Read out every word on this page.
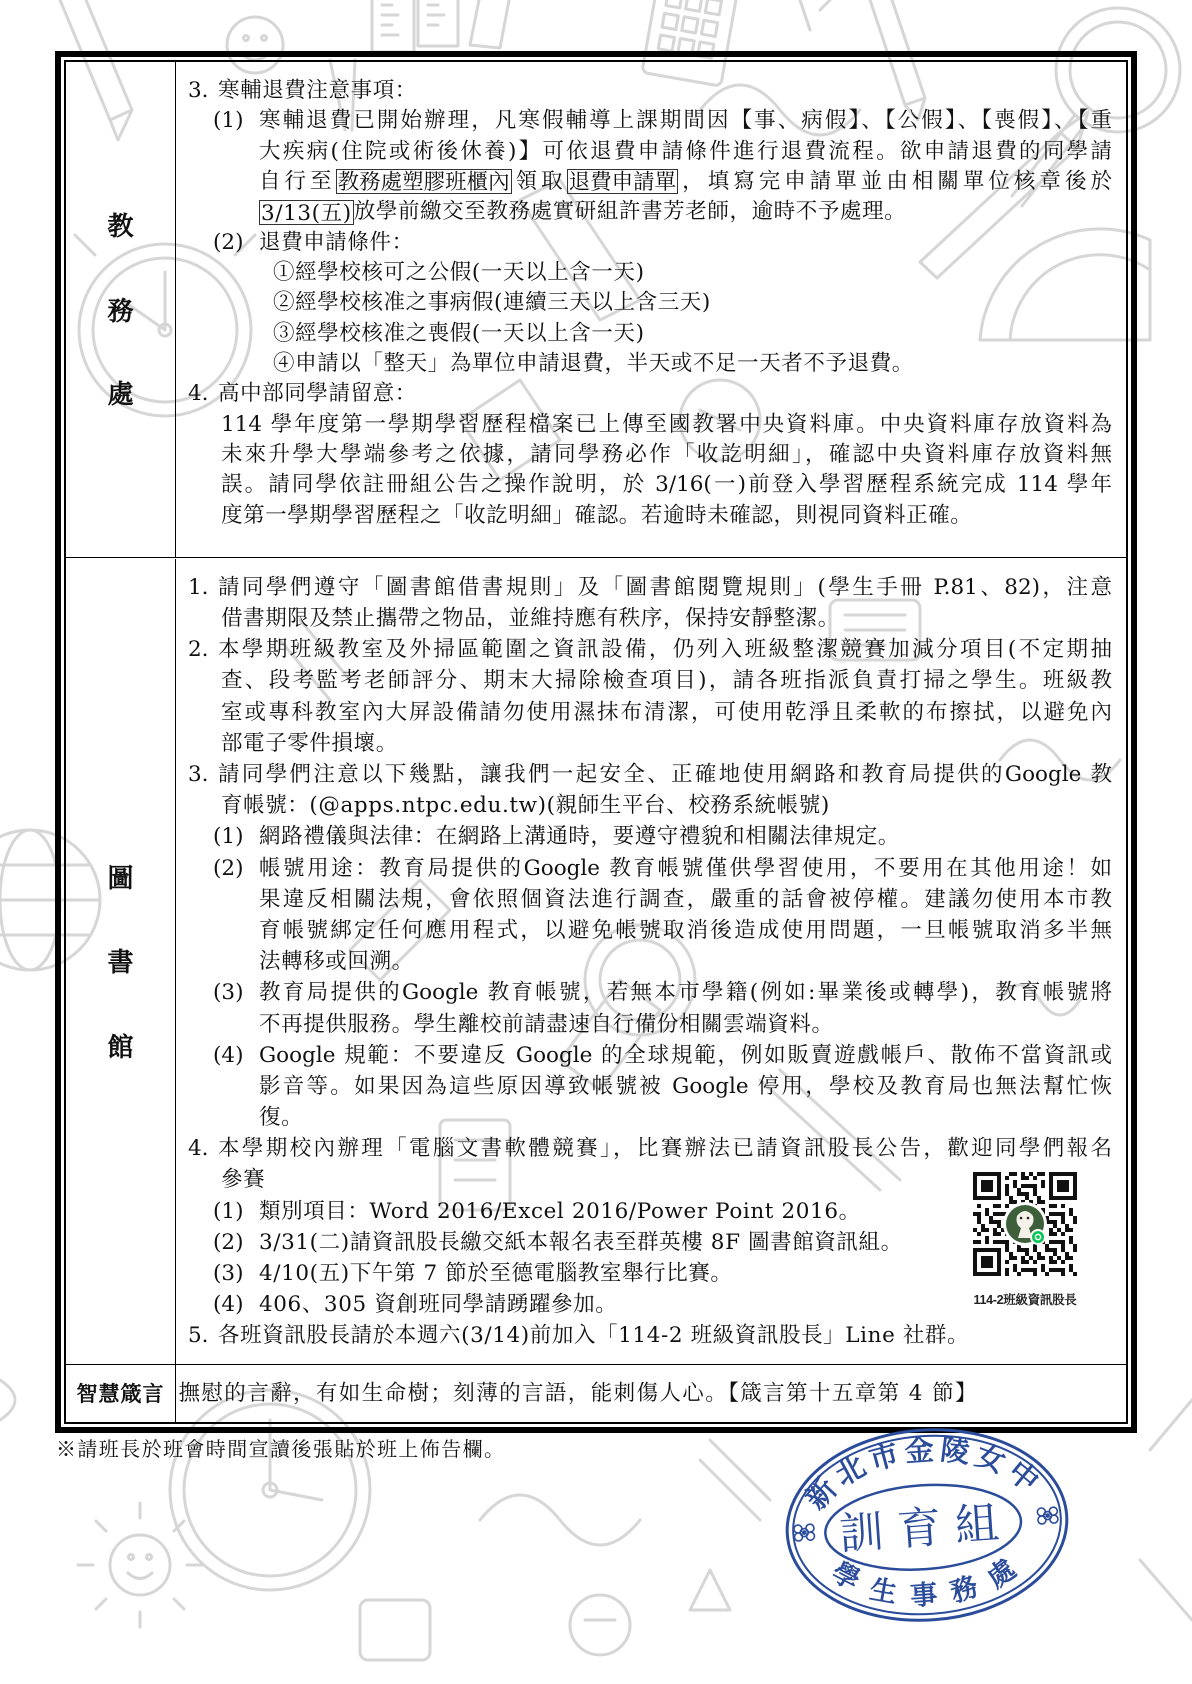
教
務
處
3. 寒輔退費注意事項：
(1) 寒輔退費已開始辦理，凡寒假輔導上課期間因【事、病假】、【公假】、【喪假】、【重
大疾病(住院或術後休養)】可依退費申請條件進行退費流程。欲申請退費的同學請
自行至教務處塑膠班櫃內領取退費申請單，填寫完申請單並由相關單位核章後於
3/13(五)放學前繳交至教務處實研組許書芳老師，逾時不予處理。
(2) 退費申請條件：
①經學校核可之公假(一天以上含一天)
②經學校核准之事病假(連續三天以上含三天)
③經學校核准之喪假(一天以上含一天)
④申請以「整天」為單位申請退費，半天或不足一天者不予退費。
4. 高中部同學請留意：
114 學年度第一學期學習歷程檔案已上傳至國教署中央資料庫。中央資料庫存放資料為
未來升學大學端參考之依據，請同學務必作「收訖明細」，確認中央資料庫存放資料無
誤。請同學依註冊組公告之操作說明，於 3/16(一)前登入學習歷程系統完成 114 學年
度第一學期學習歷程之「收訖明細」確認。若逾時未確認，則視同資料正確。
圖
書
館
1. 請同學們遵守「圖書館借書規則」及「圖書館閱覽規則」(學生手冊 P.81、82)，注意
借書期限及禁止攜帶之物品，並維持應有秩序，保持安靜整潔。
2. 本學期班級教室及外掃區範圍之資訊設備，仍列入班級整潔競賽加減分項目(不定期抽
查、段考監考老師評分、期末大掃除檢查項目)，請各班指派負責打掃之學生。班級教
室或專科教室內大屏設備請勿使用濕抹布清潔，可使用乾淨且柔軟的布擦拭，以避免內
部電子零件損壞。
3. 請同學們注意以下幾點，讓我們一起安全、正確地使用網路和教育局提供的Google 教
育帳號：(@apps.ntpc.edu.tw)(親師生平台、校務系統帳號)
(1) 網路禮儀與法律：在網路上溝通時，要遵守禮貌和相關法律規定。
(2) 帳號用途：教育局提供的Google 教育帳號僅供學習使用，不要用在其他用途！如
果違反相關法規，會依照個資法進行調查，嚴重的話會被停權。建議勿使用本市教
育帳號綁定任何應用程式，以避免帳號取消後造成使用問題，一旦帳號取消多半無
法轉移或回溯。
(3) 教育局提供的Google 教育帳號，若無本市學籍(例如:畢業後或轉學)，教育帳號將
不再提供服務。學生離校前請盡速自行備份相關雲端資料。
(4) Google 規範：不要違反 Google 的全球規範，例如販賣遊戲帳戶、散佈不當資訊或
影音等。如果因為這些原因導致帳號被 Google 停用，學校及教育局也無法幫忙恢
復。
4. 本學期校內辦理「電腦文書軟體競賽」，比賽辦法已請資訊股長公告，歡迎同學們報名
參賽
(1) 類別項目：Word 2016/Excel 2016/Power Point 2016。
(2) 3/31(二)請資訊股長繳交紙本報名表至群英樓 8F 圖書館資訊組。
(3) 4/10(五)下午第 7 節於至德電腦教室舉行比賽。
(4) 406、305 資創班同學請踴躍參加。
5. 各班資訊股長請於本週六(3/14)前加入「114-2 班級資訊股長」Line 社群。
智慧箴言 撫慰的言辭，有如生命樹；刻薄的言語，能刺傷人心。【箴言第十五章第 4 節】
114-2班級資訊股長
※請班長於班會時間宣讀後張貼於班上佈告欄。
新北市金陵女中
學生事務處
訓育組
